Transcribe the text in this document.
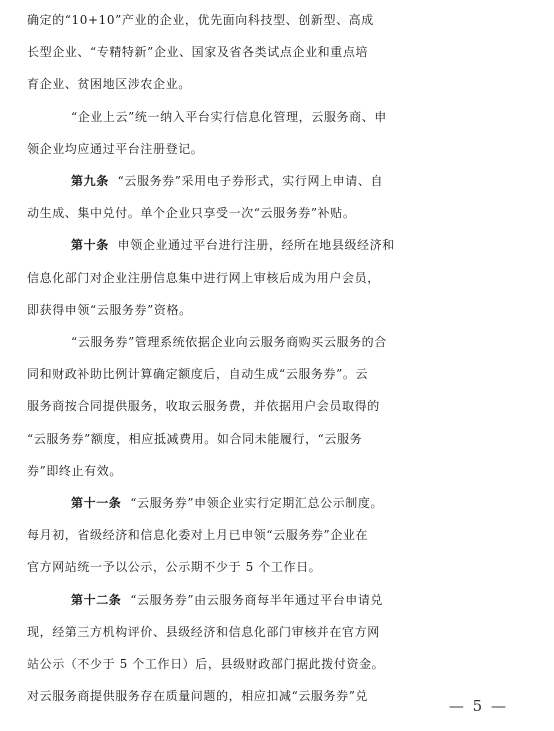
确定的“10+10”产业的企业，优先面向科技型、创新型、高成
长型企业、“专精特新”企业、国家及省各类试点企业和重点培
育企业、贫困地区涉农企业。
“企业上云”统一纳入平台实行信息化管理，云服务商、申
领企业均应通过平台注册登记。
第九条  “云服务券”采用电子券形式，实行网上申请、自
动生成、集中兑付。单个企业只享受一次“云服务券”补贴。
第十条  申领企业通过平台进行注册，经所在地县级经济和
信息化部门对企业注册信息集中进行网上审核后成为用户会员，
即获得申领“云服务券”资格。
“云服务券”管理系统依据企业向云服务商购买云服务的合
同和财政补助比例计算确定额度后，自动生成“云服务券”。云
服务商按合同提供服务，收取云服务费，并依据用户会员取得的
“云服务券”额度，相应抵减费用。如合同未能履行，“云服务
券”即终止有效。
第十一条  “云服务券”申领企业实行定期汇总公示制度。
每月初，省级经济和信息化委对上月已申领“云服务券”企业在
官方网站统一予以公示，公示期不少于 5 个工作日。
第十二条  “云服务券”由云服务商每半年通过平台申请兑
现，经第三方机构评价、县级经济和信息化部门审核并在官方网
站公示（不少于 5 个工作日）后，县级财政部门据此拨付资金。
对云服务商提供服务存在质量问题的，相应扣减“云服务券”兑
— 5 —
